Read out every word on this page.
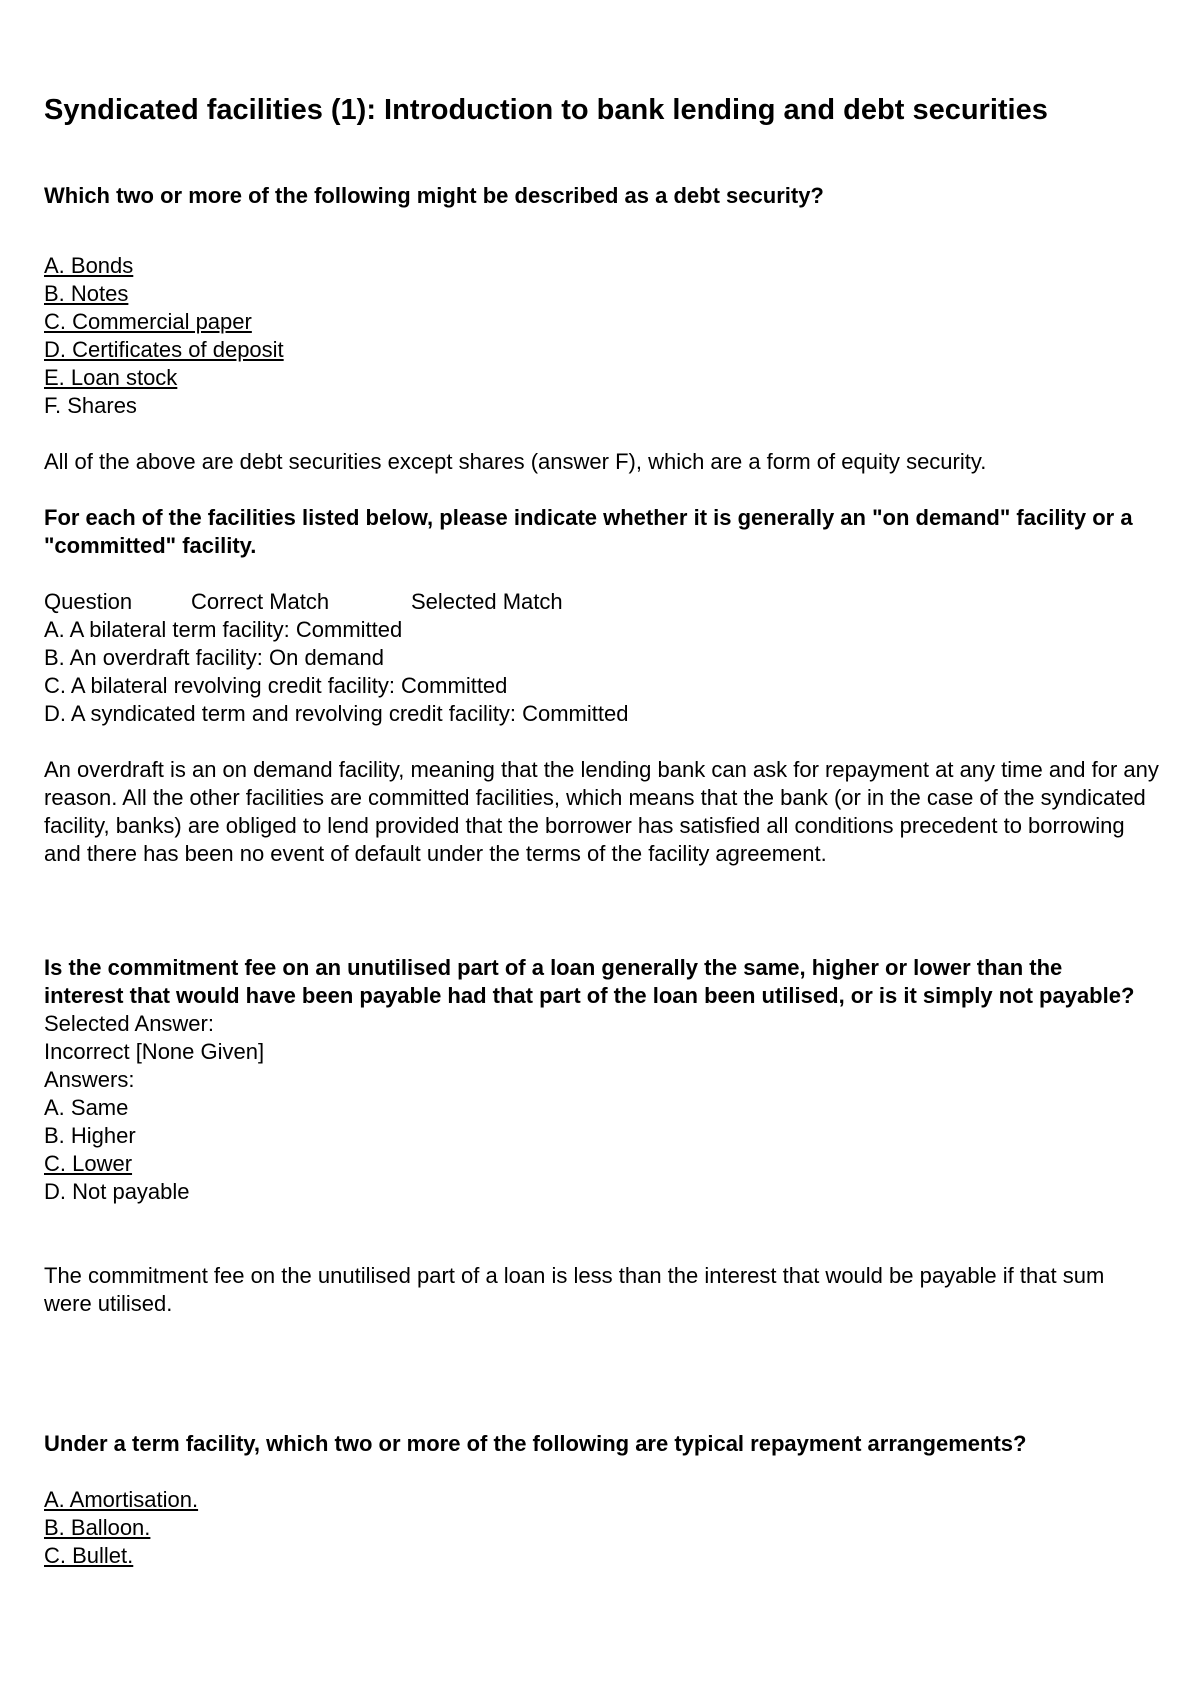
Syndicated facilities (1): Introduction to bank lending and debt securities

Which two or more of the following might be described as a debt security?

A. Bonds
B. Notes
C. Commercial paper
D. Certificates of deposit
E. Loan stock
F. Shares

All of the above are debt securities except shares (answer F), which are a form of equity security.

For each of the facilities listed below, please indicate whether it is generally an "on demand" facility or a "committed" facility.

Question	Correct Match	Selected Match
A. A bilateral term facility: Committed
B. An overdraft facility: On demand
C. A bilateral revolving credit facility: Committed
D. A syndicated term and revolving credit facility: Committed

An overdraft is an on demand facility, meaning that the lending bank can ask for repayment at any time and for any reason. All the other facilities are committed facilities, which means that the bank (or in the case of the syndicated facility, banks) are obliged to lend provided that the borrower has satisfied all conditions precedent to borrowing and there has been no event of default under the terms of the facility agreement.

Is the commitment fee on an unutilised part of a loan generally the same, higher or lower than the interest that would have been payable had that part of the loan been utilised, or is it simply not payable?

Selected Answer:
Incorrect [None Given]
Answers:
A. Same
B. Higher
C. Lower
D. Not payable

The commitment fee on the unutilised part of a loan is less than the interest that would be payable if that sum were utilised.

Under a term facility, which two or more of the following are typical repayment arrangements?

A. Amortisation.
B. Balloon.
C. Bullet.
